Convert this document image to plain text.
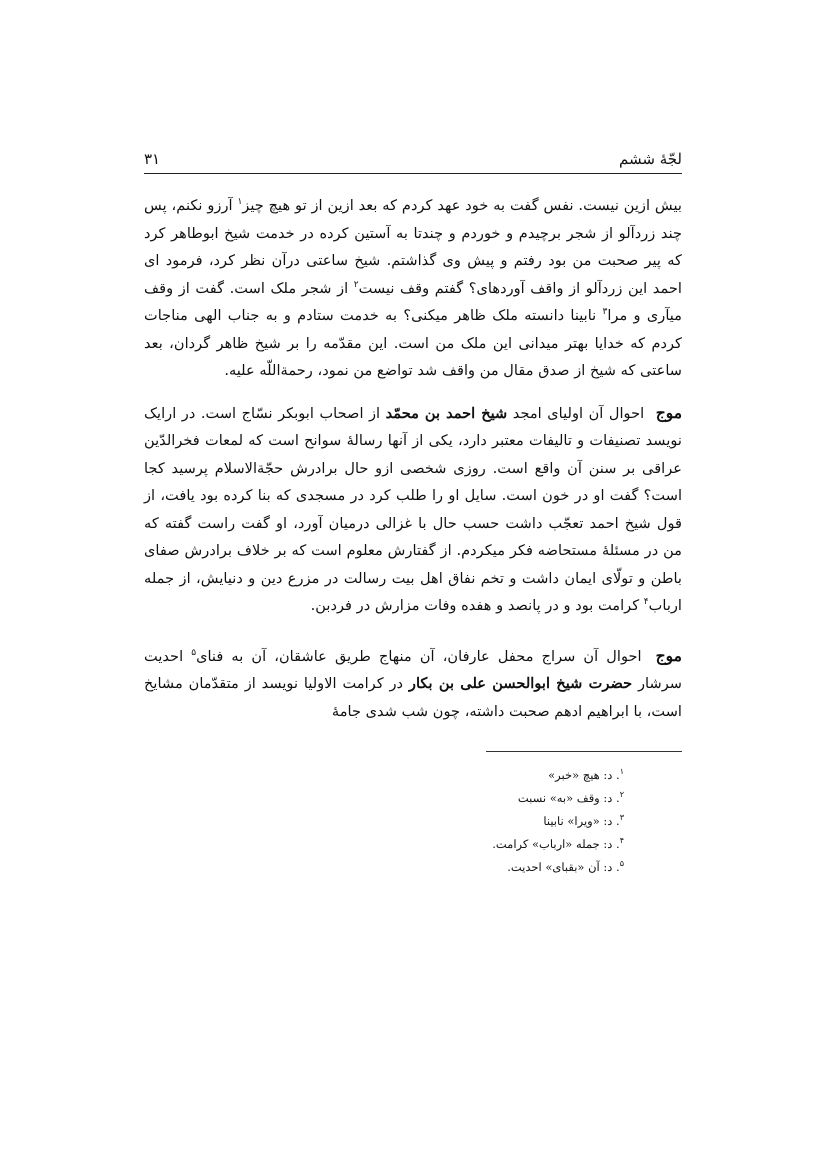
لجّهٔ ششم
۳۱

بیش ازین نیست. نفس گفت به خود عهد کردم که بعد ازین از تو هیچ چیز$^۱$ آرزو نکنم، پس چند زردآلو از شجر برچیدم و خوردم و چندتا به آستین کرده در خدمت شیخ ابوطاهر کرد که پیر صحبت من بود رفتم و پیش وی گذاشتم. شیخ ساعتی درآن نظر کرد، فرمود ای احمد این زردآلو از واقف آوردهای؟ گفتم وقف نیست$^۲$ از شجر ملک است. گفت از وقف میآری و مرا$^۳$ نابینا دانسته ملک ظاهر میکنی؟ به خدمت ستادم و به جناب الهی مناجات کردم که خدایا بهتر میدانی این ملک من است. این مقدّمه را بر شیخ ظاهر گردان، بعد ساعتی که شیخ از صدق مقال من واقف شد تواضع من نمود، رحمةاللّه علیه.

موج احوال آن اولیای امجد شیخ احمد بن محمّد از اصحاب ابوبکر نسّاج است. در ارایک نویسد تصنیفات و تالیفات معتبر دارد، یکی از آنها رسالهٔ سوانح است که لمعات فخرالدّین عراقی بر سنن آن واقع است. روزی شخصی ازو حال برادرش حجّةالاسلام پرسید کجا است؟ گفت او در خون است. سایل او را طلب کرد در مسجدی که بنا کرده بود یافت، از قول شیخ احمد تعجّب داشت حسب حال با غزالی درمیان آورد، او گفت راست گفته که من در مسئلهٔ مستحاضه فکر میکردم. از گفتارش معلوم است که بر خلاف برادرش صفای باطن و تولّای ایمان داشت و تخم نفاق اهل بیت رسالت در مزرع دین و دنیایش، از جمله ارباب$^۴$ کرامت بود و در پانصد و هفده وفات مزارش در فردبن.

موج احوال آن سراج محفل عارفان، آن منهاج طریق عاشقان، آن به فنای$^۵$ احدیت سرشار حضرت شیخ ابوالحسن علی بن بکار در کرامت الاولیا نویسد از متقدّمان مشایخ است، با ابراهیم ادهم صحبت داشته، چون شب شدی جامهٔ

$^۱$. د: هیچ «خبر»
$^۲$. د: وقف «به» نسبت
$^۳$. د: «ویرا» نابینا
$^۴$. د: جمله «ارباب» کرامت.
$^۵$. د: آن «بقبای» احدیت.
